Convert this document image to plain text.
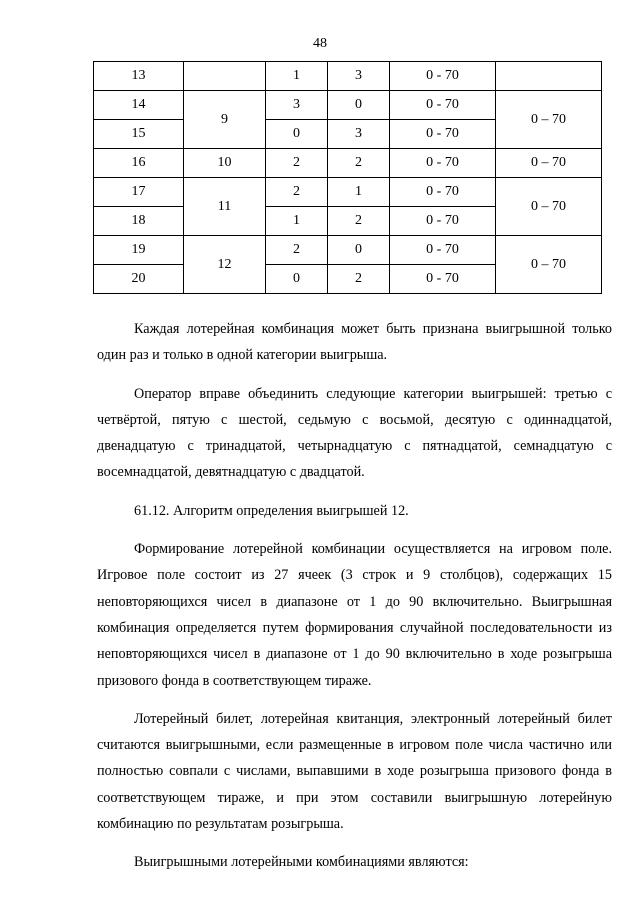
48
13		1	3	0 - 70	
14	9	3	0	0 - 70	0 – 70
15		0	3	0 - 70	
16	10	2	2	0 - 70	0 – 70
17	11	2	1	0 - 70	0 – 70
18		1	2	0 - 70	
19	12	2	0	0 - 70	0 – 70
20		0	2	0 - 70	

Каждая лотерейная комбинация может быть признана выигрышной только один раз и только в одной категории выигрыша.

Оператор вправе объединить следующие категории выигрышей: третью с четвёртой, пятую с шестой, седьмую с восьмой, десятую с одиннадцатой, двенадцатую с тринадцатой, четырнадцатую с пятнадцатой, семнадцатую с восемнадцатой, девятнадцатую с двадцатой.

61.12. Алгоритм определения выигрышей 12.

Формирование лотерейной комбинации осуществляется на игровом поле. Игровое поле состоит из 27 ячеек (3 строк и 9 столбцов), содержащих 15 неповторяющихся чисел в диапазоне от 1 до 90 включительно. Выигрышная комбинация определяется путем формирования случайной последовательности из неповторяющихся чисел в диапазоне от 1 до 90 включительно в ходе розыгрыша призового фонда в соответствующем тираже.

Лотерейный билет, лотерейная квитанция, электронный лотерейный билет считаются выигрышными, если размещенные в игровом поле числа частично или полностью совпали с числами, выпавшими в ходе розыгрыша призового фонда в соответствующем тираже, и при этом составили выигрышную лотерейную комбинацию по результатам розыгрыша.

Выигрышными лотерейными комбинациями являются:
